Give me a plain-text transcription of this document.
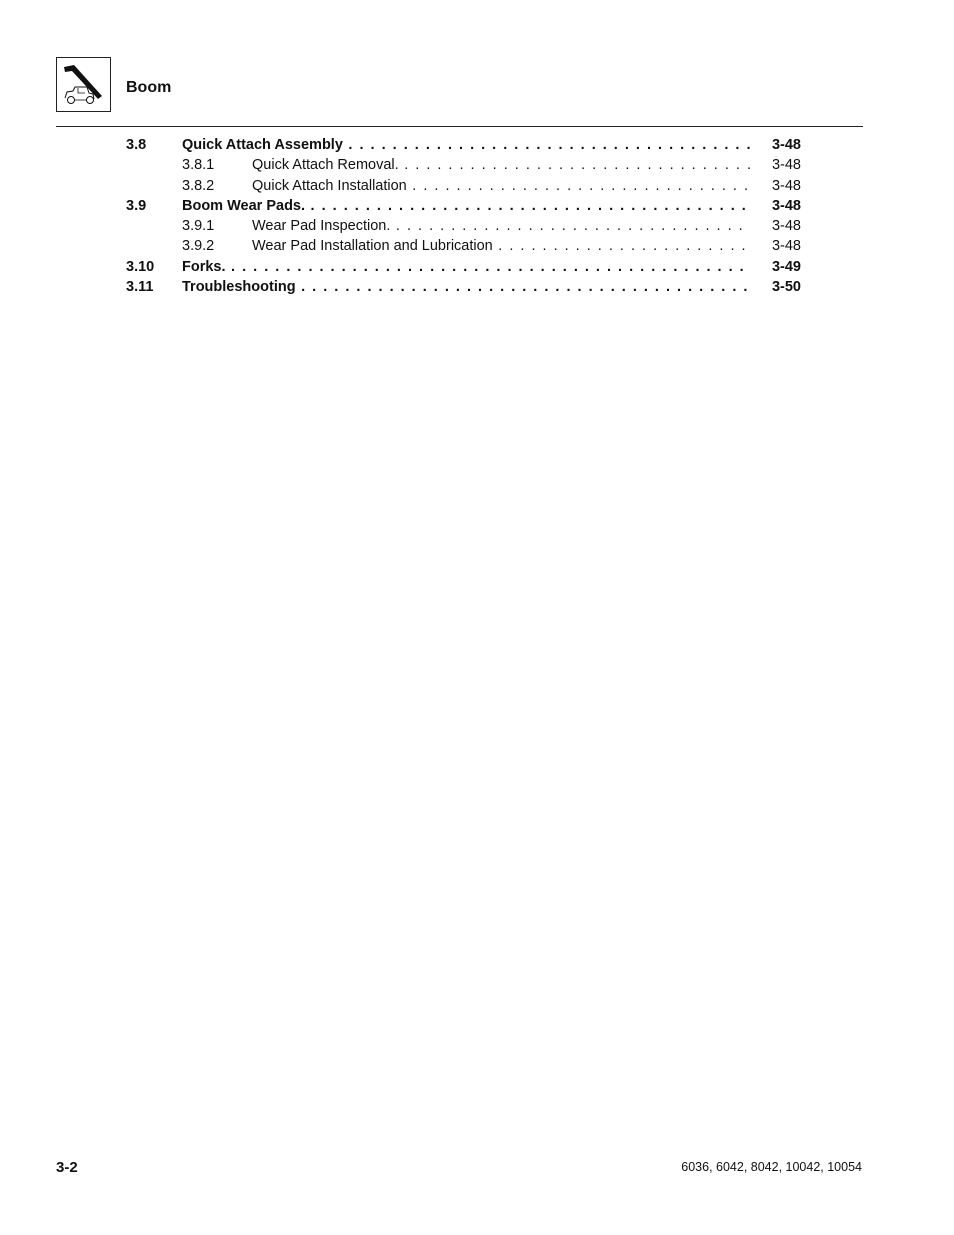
Boom
3.8 Quick Attach Assembly . . .	3-48
3.8.1	Quick Attach Removal. . . .	3-48
3.8.2	Quick Attach Installation . . .	3-48
3.9 Boom Wear Pads. . . .	3-48
3.9.1	Wear Pad Inspection. . . .	3-48
3.9.2	Wear Pad Installation and Lubrication . . .	3-48
3.10 Forks. . . .	3-49
3.11 Troubleshooting . . .	3-50
3-2	6036, 6042, 8042, 10042, 10054
